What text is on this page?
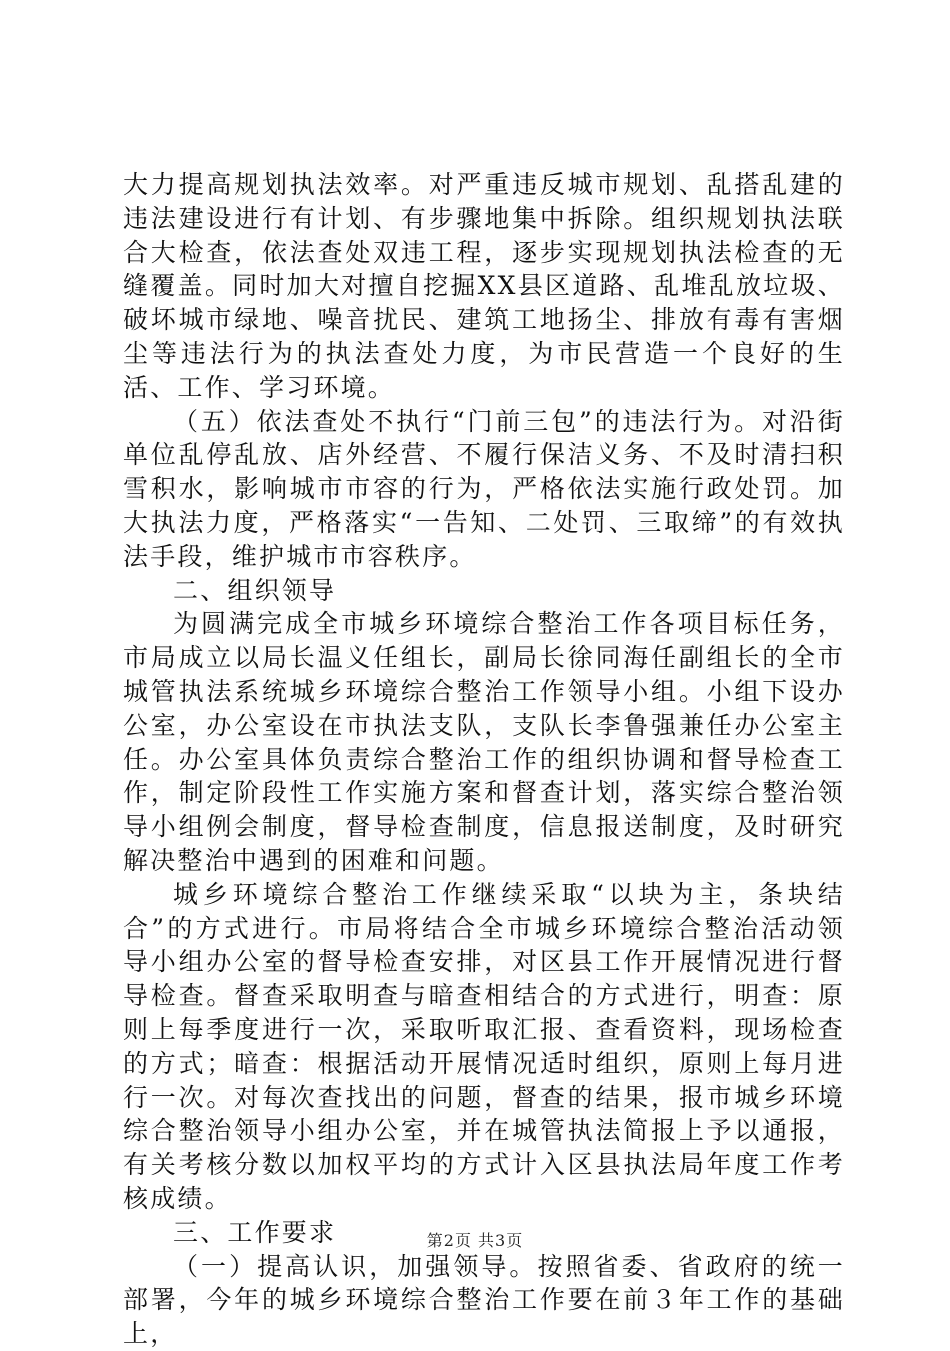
大力提高规划执法效率。对严重违反城市规划、乱搭乱建的违法建设进行有计划、有步骤地集中拆除。组织规划执法联合大检查，依法查处双违工程，逐步实现规划执法检查的无缝覆盖。同时加大对擅自挖掘XX县区道路、乱堆乱放垃圾、破坏城市绿地、噪音扰民、建筑工地扬尘、排放有毒有害烟尘等违法行为的执法查处力度，为市民营造一个良好的生活、工作、学习环境。

（五）依法查处不执行“门前三包”的违法行为。对沿街单位乱停乱放、店外经营、不履行保洁义务、不及时清扫积雪积水，影响城市市容的行为，严格依法实施行政处罚。加大执法力度，严格落实“一告知、二处罚、三取缔”的有效执法手段，维护城市市容秩序。

二、组织领导

为圆满完成全市城乡环境综合整治工作各项目标任务，市局成立以局长温义任组长，副局长徐同海任副组长的全市城管执法系统城乡环境综合整治工作领导小组。小组下设办公室，办公室设在市执法支队，支队长李鲁强兼任办公室主任。办公室具体负责综合整治工作的组织协调和督导检查工作，制定阶段性工作实施方案和督查计划，落实综合整治领导小组例会制度，督导检查制度，信息报送制度，及时研究解决整治中遇到的困难和问题。

城乡环境综合整治工作继续采取“以块为主，条块结合”的方式进行。市局将结合全市城乡环境综合整治活动领导小组办公室的督导检查安排，对区县工作开展情况进行督导检查。督查采取明查与暗查相结合的方式进行，明查：原则上每季度进行一次，采取听取汇报、查看资料，现场检查的方式；暗查：根据活动开展情况适时组织，原则上每月进行一次。对每次查找出的问题，督查的结果，报市城乡环境综合整治领导小组办公室，并在城管执法简报上予以通报，有关考核分数以加权平均的方式计入区县执法局年度工作考核成绩。

三、工作要求

（一）提高认识，加强领导。按照省委、省政府的统一部署，今年的城乡环境综合整治工作要在前３年工作的基础上，

第2页 共3页
